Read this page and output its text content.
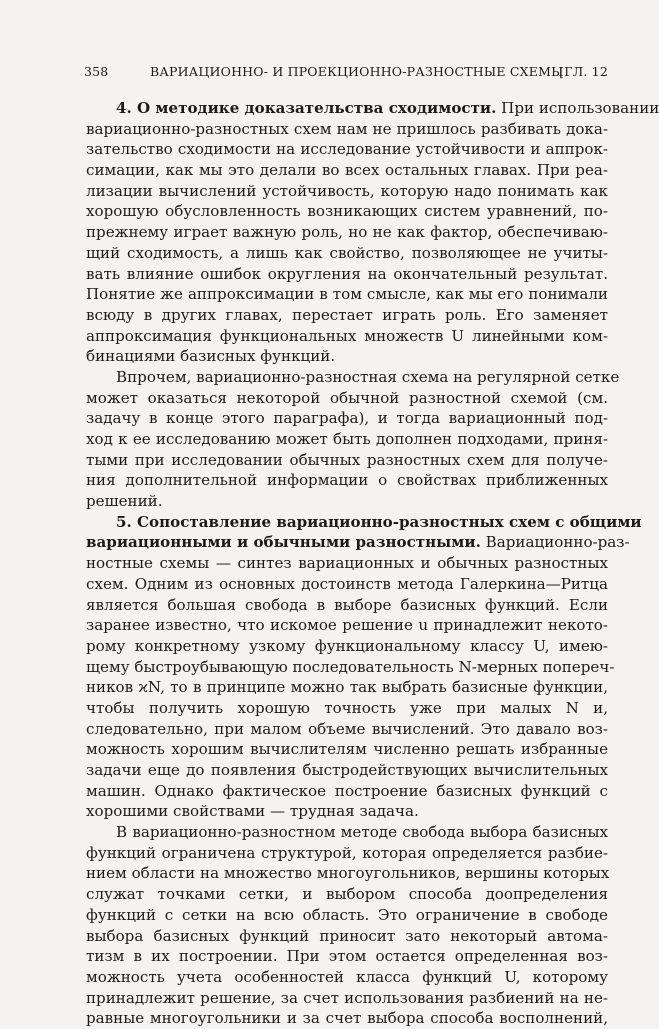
358	ВАРИАЦИОННО- И ПРОЕКЦИОННО-РАЗНОСТНЫЕ СХЕМЫ
[ГЛ. 12
4. О методике доказательства сходимости. При использовании
вариационно-разностных схем нам не пришлось разбивать дока-
зательство сходимости на исследование устойчивости и аппрок-
симации, как мы это делали во всех остальных главах. При реа-
лизации вычислений устойчивость, которую надо понимать как
хорошую обусловленность возникающих систем уравнений, по-
прежнему играет важную роль, но не как фактор, обеспечиваю-
щий сходимость, а лишь как свойство, позволяющее не учиты-
вать влияние ошибок округления на окончательный результат.
Понятие же аппроксимации в том смысле, как мы его понимали
всюду в других главах, перестает играть роль. Его заменяет
аппроксимация функциональных множеств U линейными ком-
бинациями базисных функций.
Впрочем, вариационно-разностная схема на регулярной сетке
может оказаться некоторой обычной разностной схемой (см.
задачу в конце этого параграфа), и тогда вариационный под-
ход к ее исследованию может быть дополнен подходами, приня-
тыми при исследовании обычных разностных схем для получе-
ния дополнительной информации о свойствах приближенных
решений.
5. Сопоставление вариационно-разностных схем с общими
вариационными и обычными разностными. Вариационно-раз-
ностные схемы — синтез вариационных и обычных разностных
схем. Одним из основных достоинств метода Галеркина—Ритца
является большая свобода в выборе базисных функций. Если
заранее известно, что искомое решение u принадлежит некото-
рому конкретному узкому функциональному классу U, имею-
щему быстроубывающую последовательность N-мерных попереч-
ников ϰN, то в принципе можно так выбрать базисные функции,
чтобы получить хорошую точность уже при малых N и,
следовательно, при малом объеме вычислений. Это давало воз-
можность хорошим вычислителям численно решать избранные
задачи еще до появления быстродействующих вычислительных
машин. Однако фактическое построение базисных функций с
хорошими свойствами — трудная задача.
В вариационно-разностном методе свобода выбора базисных
функций ограничена структурой, которая определяется разбие-
нием области на множество многоугольников, вершины которых
служат точками сетки, и выбором способа доопределения
функций с сетки на всю область. Это ограничение в свободе
выбора базисных функций приносит зато некоторый автома-
тизм в их построении. При этом остается определенная воз-
можность учета особенностей класса функций U, которому
принадлежит решение, за счет использования разбиений на не-
равные многоугольники и за счет выбора способа восполнений,
